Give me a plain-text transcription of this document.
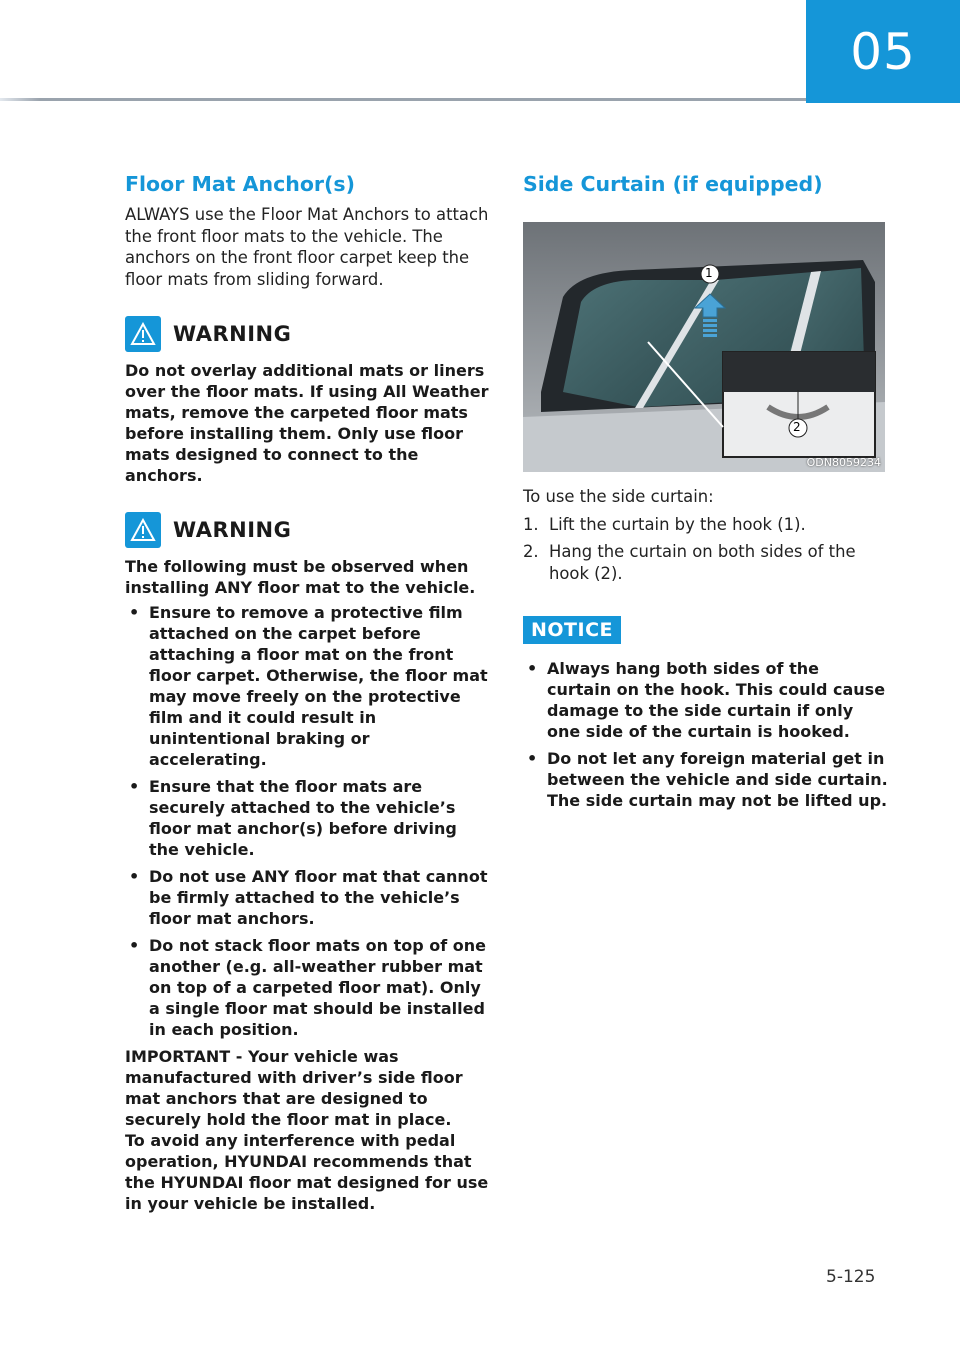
05
Floor Mat Anchor(s)

ALWAYS use the Floor Mat Anchors to attach the front floor mats to the vehicle. The anchors on the front floor carpet keep the floor mats from sliding forward.

WARNING

Do not overlay additional mats or liners over the floor mats. If using All Weather mats, remove the carpeted floor mats before installing them. Only use floor mats designed to connect to the anchors.

WARNING

The following must be observed when installing ANY floor mat to the vehicle.

• Ensure to remove a protective film attached on the carpet before attaching a floor mat on the front floor carpet. Otherwise, the floor mat may move freely on the protective film and it could result in unintentional braking or accelerating.
• Ensure that the floor mats are securely attached to the vehicle’s floor mat anchor(s) before driving the vehicle.
• Do not use ANY floor mat that cannot be firmly attached to the vehicle’s floor mat anchors.
• Do not stack floor mats on top of one another (e.g. all-weather rubber mat on top of a carpeted floor mat). Only a single floor mat should be installed in each position.

IMPORTANT - Your vehicle was manufactured with driver’s side floor mat anchors that are designed to securely hold the floor mat in place.

To avoid any interference with pedal operation, HYUNDAI recommends that the HYUNDAI floor mat designed for use in your vehicle be installed.

Side Curtain (if equipped)
1
2
ODN8059234

To use the side curtain:

1. Lift the curtain by the hook (1).
2. Hang the curtain on both sides of the hook (2).
NOTICE
• Always hang both sides of the curtain on the hook. This could cause damage to the side curtain if only one side of the curtain is hooked.
• Do not let any foreign material get in between the vehicle and side curtain. The side curtain may not be lifted up.
5-125
